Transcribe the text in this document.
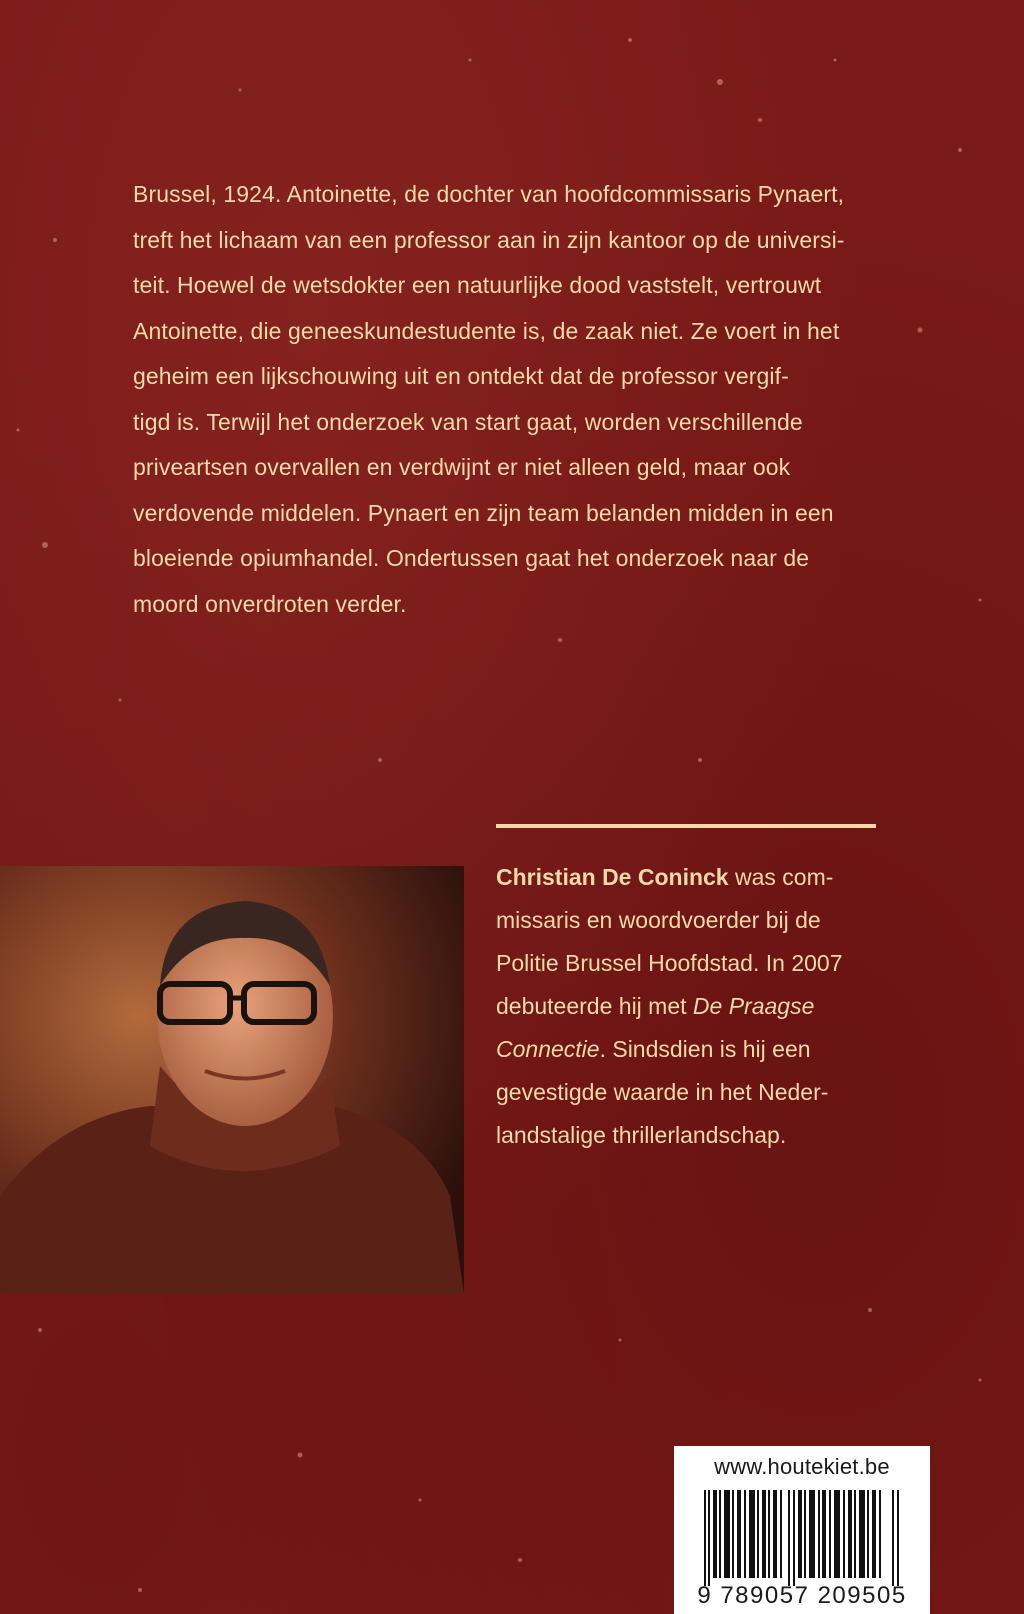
Brussel, 1924. Antoinette, de dochter van hoofdcommissaris Pynaert,

treft het lichaam van een professor aan in zijn kantoor op de universi-

teit. Hoewel de wetsdokter een natuurlijke dood vaststelt, vertrouwt

Antoinette, die geneeskundestudente is, de zaak niet. Ze voert in het

geheim een lijkschouwing uit en ontdekt dat de professor vergif-

tigd is. Terwijl het onderzoek van start gaat, worden verschillende

priveartsen overvallen en verdwijnt er niet alleen geld, maar ook

verdovende middelen. Pynaert en zijn team belanden midden in een

bloeiende opiumhandel. Ondertussen gaat het onderzoek naar de

moord onverdroten verder.

Christian De Coninck was com-missaris en woordvoerder bij de Politie Brussel Hoofdstad. In 2007 debuteerde hij met De Praagse Connectie. Sindsdien is hij een gevestigde waarde in het Neder-landstalige thrillerlandschap.
www.houtekiet.be
9 789057 209505
